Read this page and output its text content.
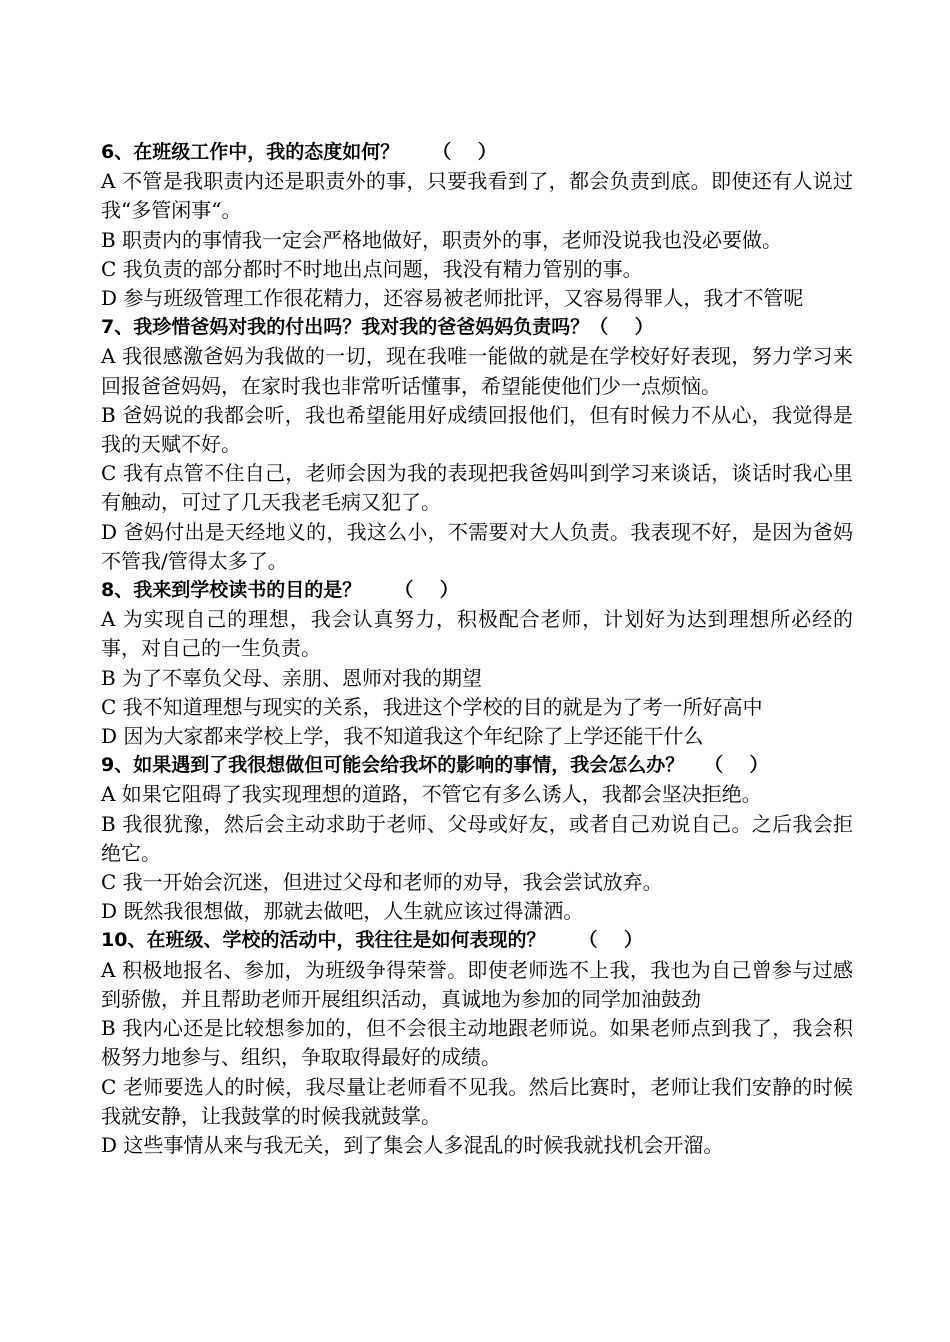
6、在班级工作中，我的态度如何？     （    ）
A 不管是我职责内还是职责外的事，只要我看到了，都会负责到底。即使还有人说过我“多管闲事“。
B 职责内的事情我一定会严格地做好，职责外的事，老师没说我也没必要做。
C 我负责的部分都时不时地出点问题，我没有精力管别的事。
D 参与班级管理工作很花精力，还容易被老师批评，又容易得罪人，我才不管呢
7、我珍惜爸妈对我的付出吗？我对我的爸爸妈妈负责吗？（    ）
A 我很感激爸妈为我做的一切，现在我唯一能做的就是在学校好好表现，努力学习来回报爸爸妈妈，在家时我也非常听话懂事，希望能使他们少一点烦恼。
B 爸妈说的我都会听，我也希望能用好成绩回报他们，但有时候力不从心，我觉得是我的天赋不好。
C 我有点管不住自己，老师会因为我的表现把我爸妈叫到学习来谈话，谈话时我心里有触动，可过了几天我老毛病又犯了。
D 爸妈付出是天经地义的，我这么小，不需要对大人负责。我表现不好，是因为爸妈不管我/管得太多了。
8、我来到学校读书的目的是？     （    ）
A 为实现自己的理想，我会认真努力，积极配合老师，计划好为达到理想所必经的事，对自己的一生负责。
B 为了不辜负父母、亲朋、恩师对我的期望
C 我不知道理想与现实的关系，我进这个学校的目的就是为了考一所好高中
D 因为大家都来学校上学，我不知道我这个年纪除了上学还能干什么
9、如果遇到了我很想做但可能会给我坏的影响的事情，我会怎么办？   （    ）
A 如果它阻碍了我实现理想的道路，不管它有多么诱人，我都会坚决拒绝。
B 我很犹豫，然后会主动求助于老师、父母或好友，或者自己劝说自己。之后我会拒绝它。
C 我一开始会沉迷，但进过父母和老师的劝导，我会尝试放弃。
D 既然我很想做，那就去做吧，人生就应该过得潇洒。
10、在班级、学校的活动中，我往往是如何表现的？     （    ）
A 积极地报名、参加，为班级争得荣誉。即使老师选不上我，我也为自己曾参与过感到骄傲，并且帮助老师开展组织活动，真诚地为参加的同学加油鼓劲
B 我内心还是比较想参加的，但不会很主动地跟老师说。如果老师点到我了，我会积极努力地参与、组织，争取取得最好的成绩。
C 老师要选人的时候，我尽量让老师看不见我。然后比赛时，老师让我们安静的时候我就安静，让我鼓掌的时候我就鼓掌。
D 这些事情从来与我无关，到了集会人多混乱的时候我就找机会开溜。
